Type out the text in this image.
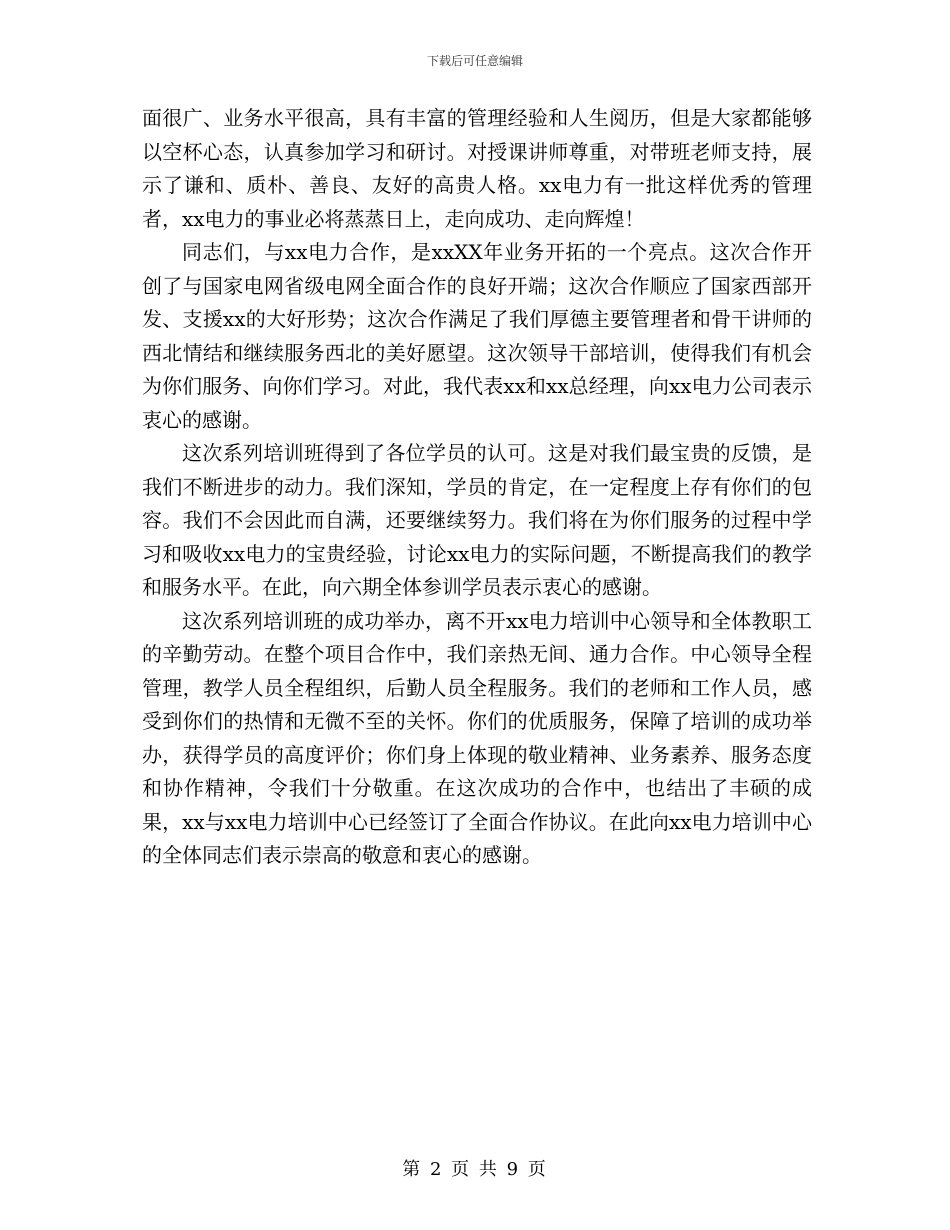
下载后可任意编辑

面很广、业务水平很高，具有丰富的管理经验和人生阅历，但是大家都能够以空杯心态，认真参加学习和研讨。对授课讲师尊重，对带班老师支持，展示了谦和、质朴、善良、友好的高贵人格。xx电力有一批这样优秀的管理者，xx电力的事业必将蒸蒸日上，走向成功、走向辉煌！

同志们，与xx电力合作，是xxXX年业务开拓的一个亮点。这次合作开创了与国家电网省级电网全面合作的良好开端；这次合作顺应了国家西部开发、支援xx的大好形势；这次合作满足了我们厚德主要管理者和骨干讲师的西北情结和继续服务西北的美好愿望。这次领导干部培训，使得我们有机会为你们服务、向你们学习。对此，我代表xx和xx总经理，向xx电力公司表示衷心的感谢。

这次系列培训班得到了各位学员的认可。这是对我们最宝贵的反馈，是我们不断进步的动力。我们深知，学员的肯定，在一定程度上存有你们的包容。我们不会因此而自满，还要继续努力。我们将在为你们服务的过程中学习和吸收xx电力的宝贵经验，讨论xx电力的实际问题，不断提高我们的教学和服务水平。在此，向六期全体参训学员表示衷心的感谢。

这次系列培训班的成功举办，离不开xx电力培训中心领导和全体教职工的辛勤劳动。在整个项目合作中，我们亲热无间、通力合作。中心领导全程管理，教学人员全程组织，后勤人员全程服务。我们的老师和工作人员，感受到你们的热情和无微不至的关怀。你们的优质服务，保障了培训的成功举办，获得学员的高度评价；你们身上体现的敬业精神、业务素养、服务态度和协作精神，令我们十分敬重。在这次成功的合作中，也结出了丰硕的成果，xx与xx电力培训中心已经签订了全面合作协议。在此向xx电力培训中心的全体同志们表示崇高的敬意和衷心的感谢。

第 2 页 共 9 页
